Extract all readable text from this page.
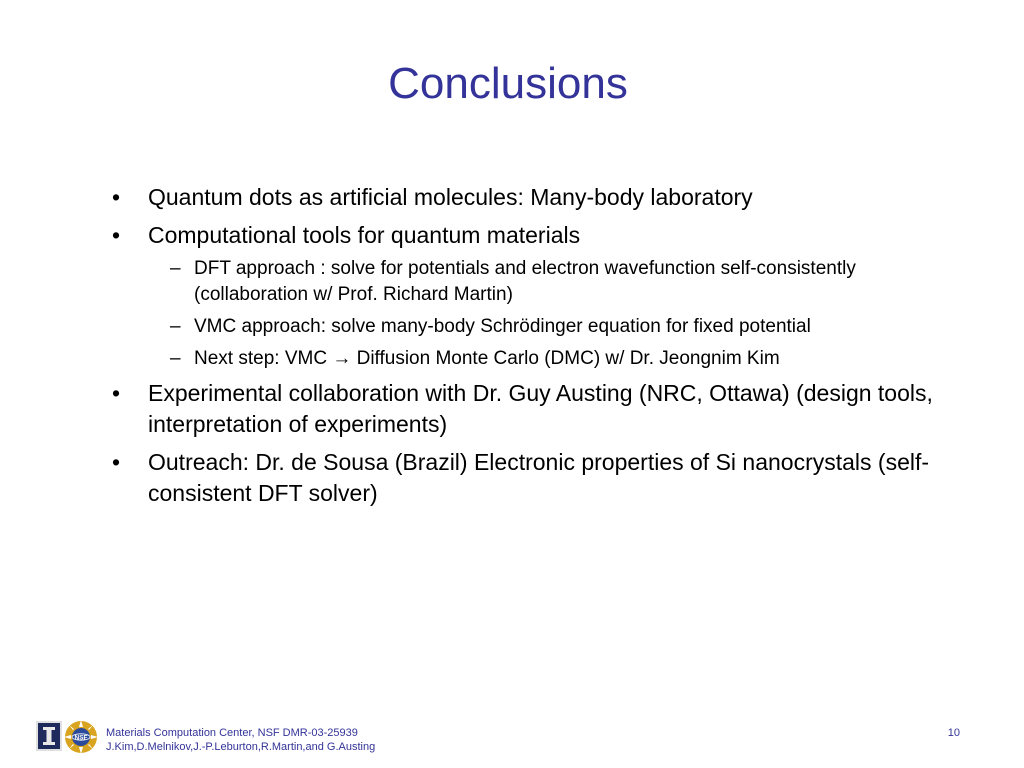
Conclusions
•	Quantum dots as artificial molecules: Many-body laboratory
•	Computational tools for quantum materials
– DFT approach : solve for potentials and electron wavefunction self-consistently (collaboration w/ Prof. Richard Martin)
– VMC approach: solve many-body Schrödinger equation for fixed potential
– Next step: VMC → Diffusion Monte Carlo (DMC) w/ Dr. Jeongnim Kim
•	Experimental collaboration with Dr. Guy Austing (NRC, Ottawa) (design tools, interpretation of experiments)
•	Outreach: Dr. de Sousa (Brazil) Electronic properties of Si nanocrystals (self-consistent DFT solver)
NSF Materials Computation Center, NSF DMR-03-25939
J.Kim,D.Melnikov,J.-P.Leburton,R.Martin,and G.Austing
10
